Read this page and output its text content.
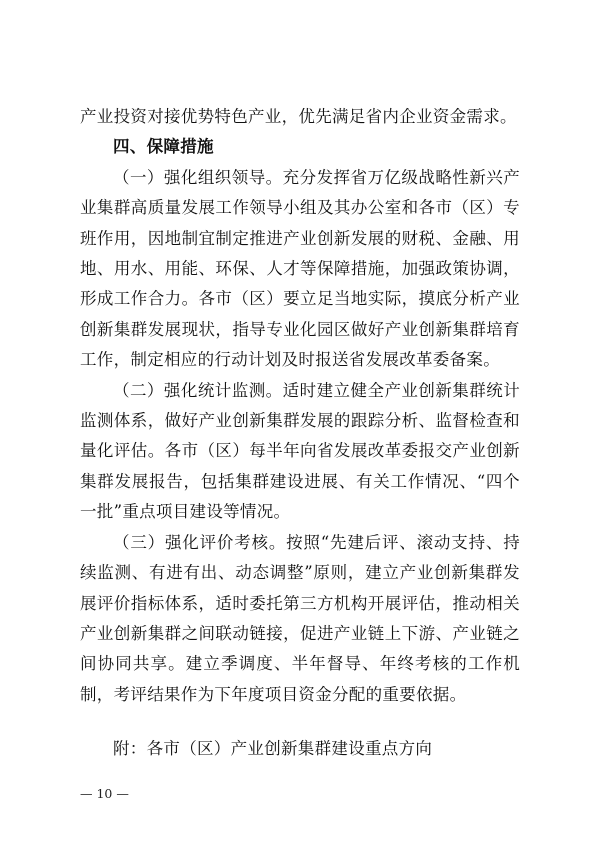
产业投资对接优势特色产业，优先满足省内企业资金需求。

四、保障措施

（一）强化组织领导。充分发挥省万亿级战略性新兴产业集群高质量发展工作领导小组及其办公室和各市（区）专班作用，因地制宜制定推进产业创新发展的财税、金融、用地、用水、用能、环保、人才等保障措施，加强政策协调，形成工作合力。各市（区）要立足当地实际，摸底分析产业创新集群发展现状，指导专业化园区做好产业创新集群培育工作，制定相应的行动计划及时报送省发展改革委备案。

（二）强化统计监测。适时建立健全产业创新集群统计监测体系，做好产业创新集群发展的跟踪分析、监督检查和量化评估。各市（区）每半年向省发展改革委报交产业创新集群发展报告，包括集群建设进展、有关工作情况、“四个一批”重点项目建设等情况。

（三）强化评价考核。按照“先建后评、滚动支持、持续监测、有进有出、动态调整”原则，建立产业创新集群发展评价指标体系，适时委托第三方机构开展评估，推动相关产业创新集群之间联动链接，促进产业链上下游、产业链之间协同共享。建立季调度、半年督导、年终考核的工作机制，考评结果作为下年度项目资金分配的重要依据。

附：各市（区）产业创新集群建设重点方向
— 10 —
